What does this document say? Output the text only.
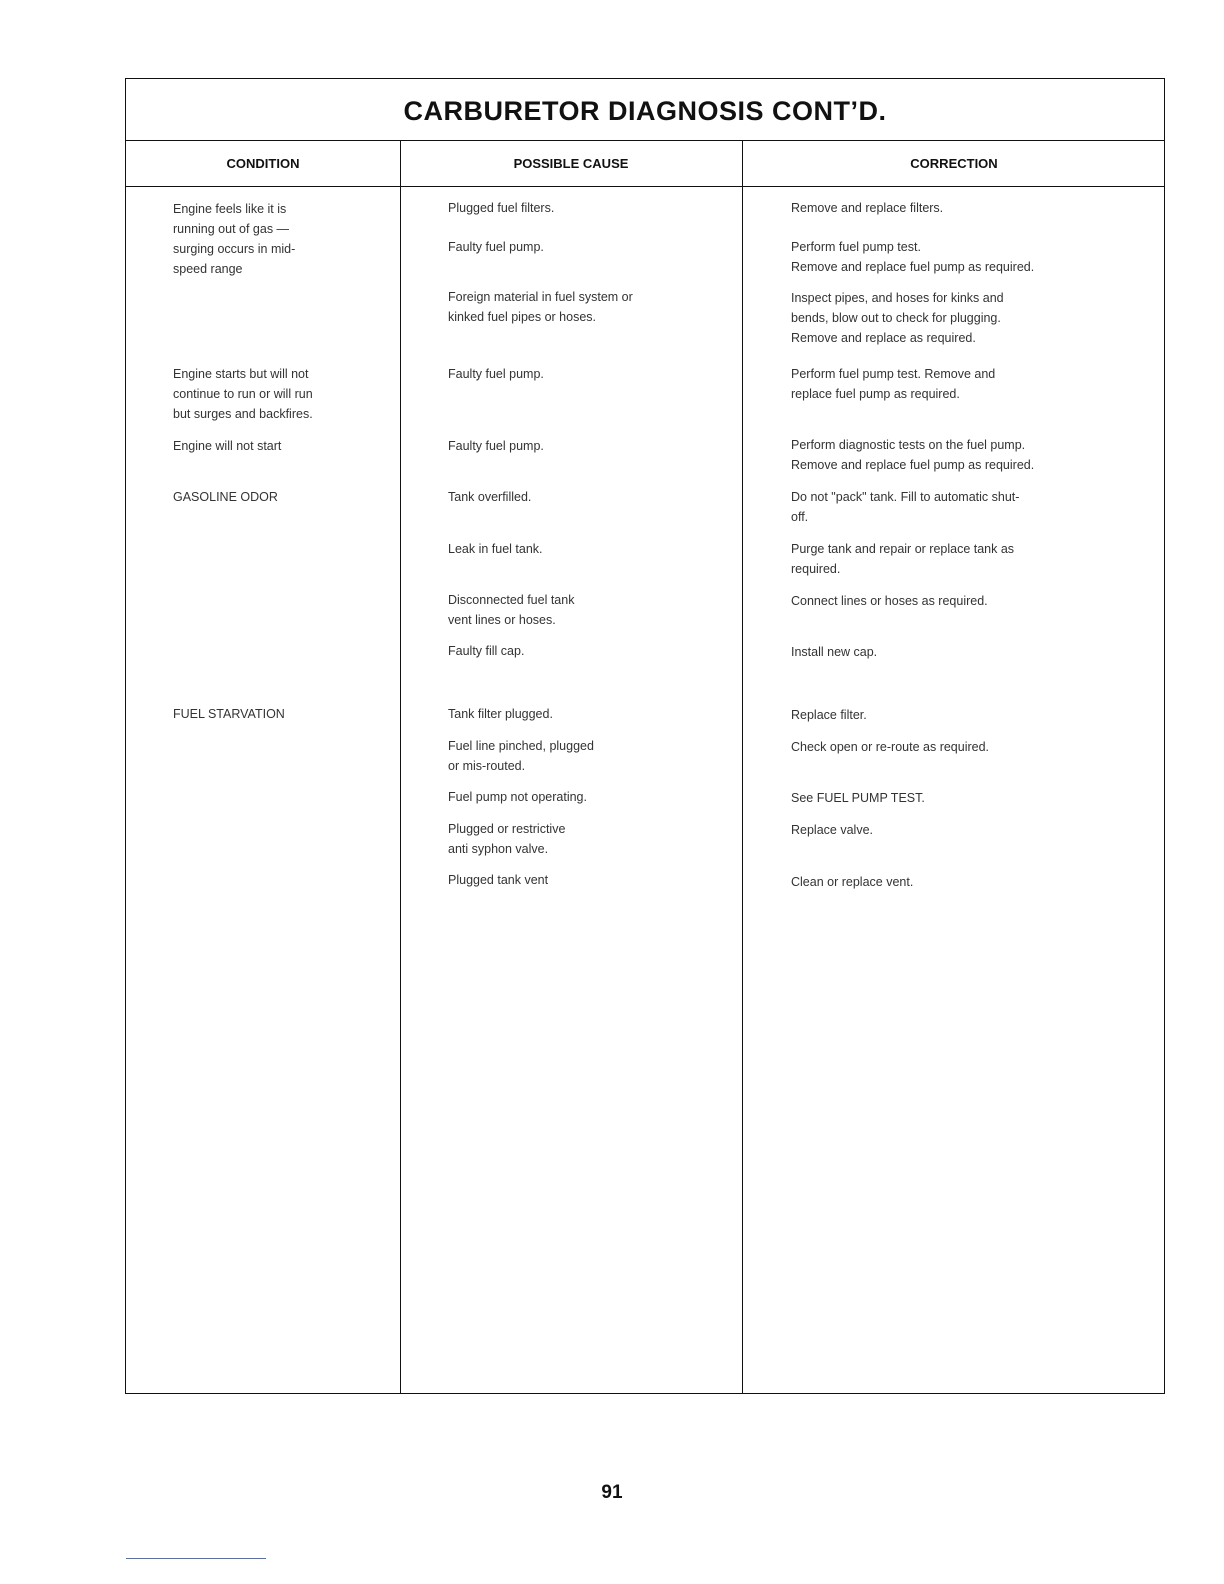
CARBURETOR DIAGNOSIS CONT’D.
CONDITION	POSSIBLE CAUSE	CORRECTION
Engine feels like it is
running out of gas —
surging occurs in mid-
speed range
Engine starts but will not
continue to run or will run
but surges and backfires.
Engine will not start
GASOLINE ODOR
FUEL STARVATION
Plugged fuel filters.
Faulty fuel pump.
Foreign material in fuel system or
kinked fuel pipes or hoses.
Faulty fuel pump.
Faulty fuel pump.
Tank overfilled.
Leak in fuel tank.
Disconnected fuel tank
vent lines or hoses.
Faulty fill cap.
Tank filter plugged.
Fuel line pinched, plugged
or mis-routed.
Fuel pump not operating.
Plugged or restrictive
anti syphon valve.
Plugged tank vent
Remove and replace filters.
Perform fuel pump test.
Remove and replace fuel pump as required.
Inspect pipes, and hoses for kinks and
bends, blow out to check for plugging.
Remove and replace as required.
Perform fuel pump test. Remove and
replace fuel pump as required.
Perform diagnostic tests on the fuel pump.
Remove and replace fuel pump as required.
Do not "pack" tank. Fill to automatic shut-
off.
Purge tank and repair or replace tank as
required.
Connect lines or hoses as required.
Install new cap.
Replace filter.
Check open or re-route as required.
See FUEL PUMP TEST.
Replace valve.
Clean or replace vent.
91
